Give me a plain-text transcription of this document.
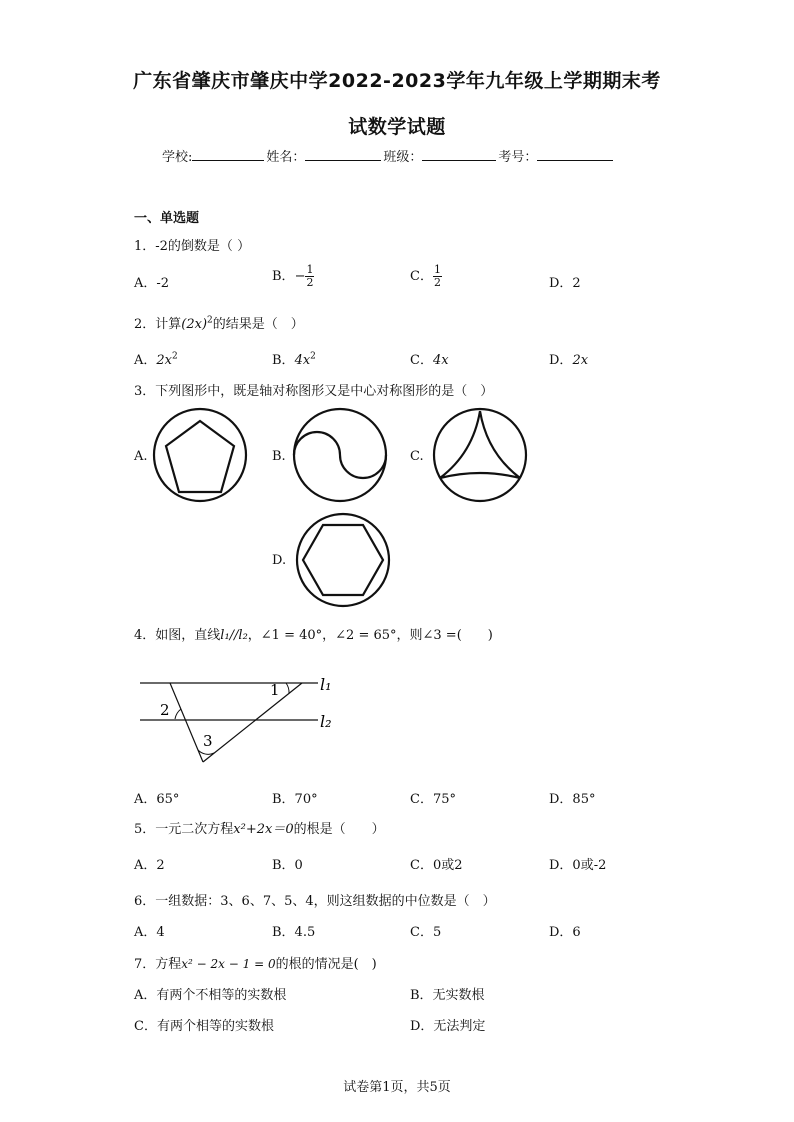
广东省肇庆市肇庆中学2022-2023学年九年级上学期期末考
试数学试题
学校:	姓名：	班级：	考号：
一、单选题
1．-2的倒数是（ ）
A．-2	B．− $\frac{1}{2}$	C． $\frac{1}{2}$	D．2
2．计算$(2x)^2$的结果是（　）
A．$2x^2$	B．$4x^2$	C．4x	D．2x
3．下列图形中，既是轴对称图形又是中心对称图形的是（　）
A.	B.	C.
D.
4．如图，直线l₁//l₂，∠1 = 40°，∠2 = 65°，则∠3 =(　　)
1
2
3
l₁
l₂
A．65°	B．70°	C．75°	D．85°
5．一元二次方程x²+2x＝0的根是（　　）
A．2	B．0	C．0或2	D．0或-2
6．一组数据：3、6、7、5、4，则这组数据的中位数是（　）
A．4	B．4.5	C．5	D．6
7．方程x² − 2x − 1 = 0的根的情况是(　)
A．有两个不相等的实数根	B．无实数根
C．有两个相等的实数根	D．无法判定
试卷第1页，共5页
